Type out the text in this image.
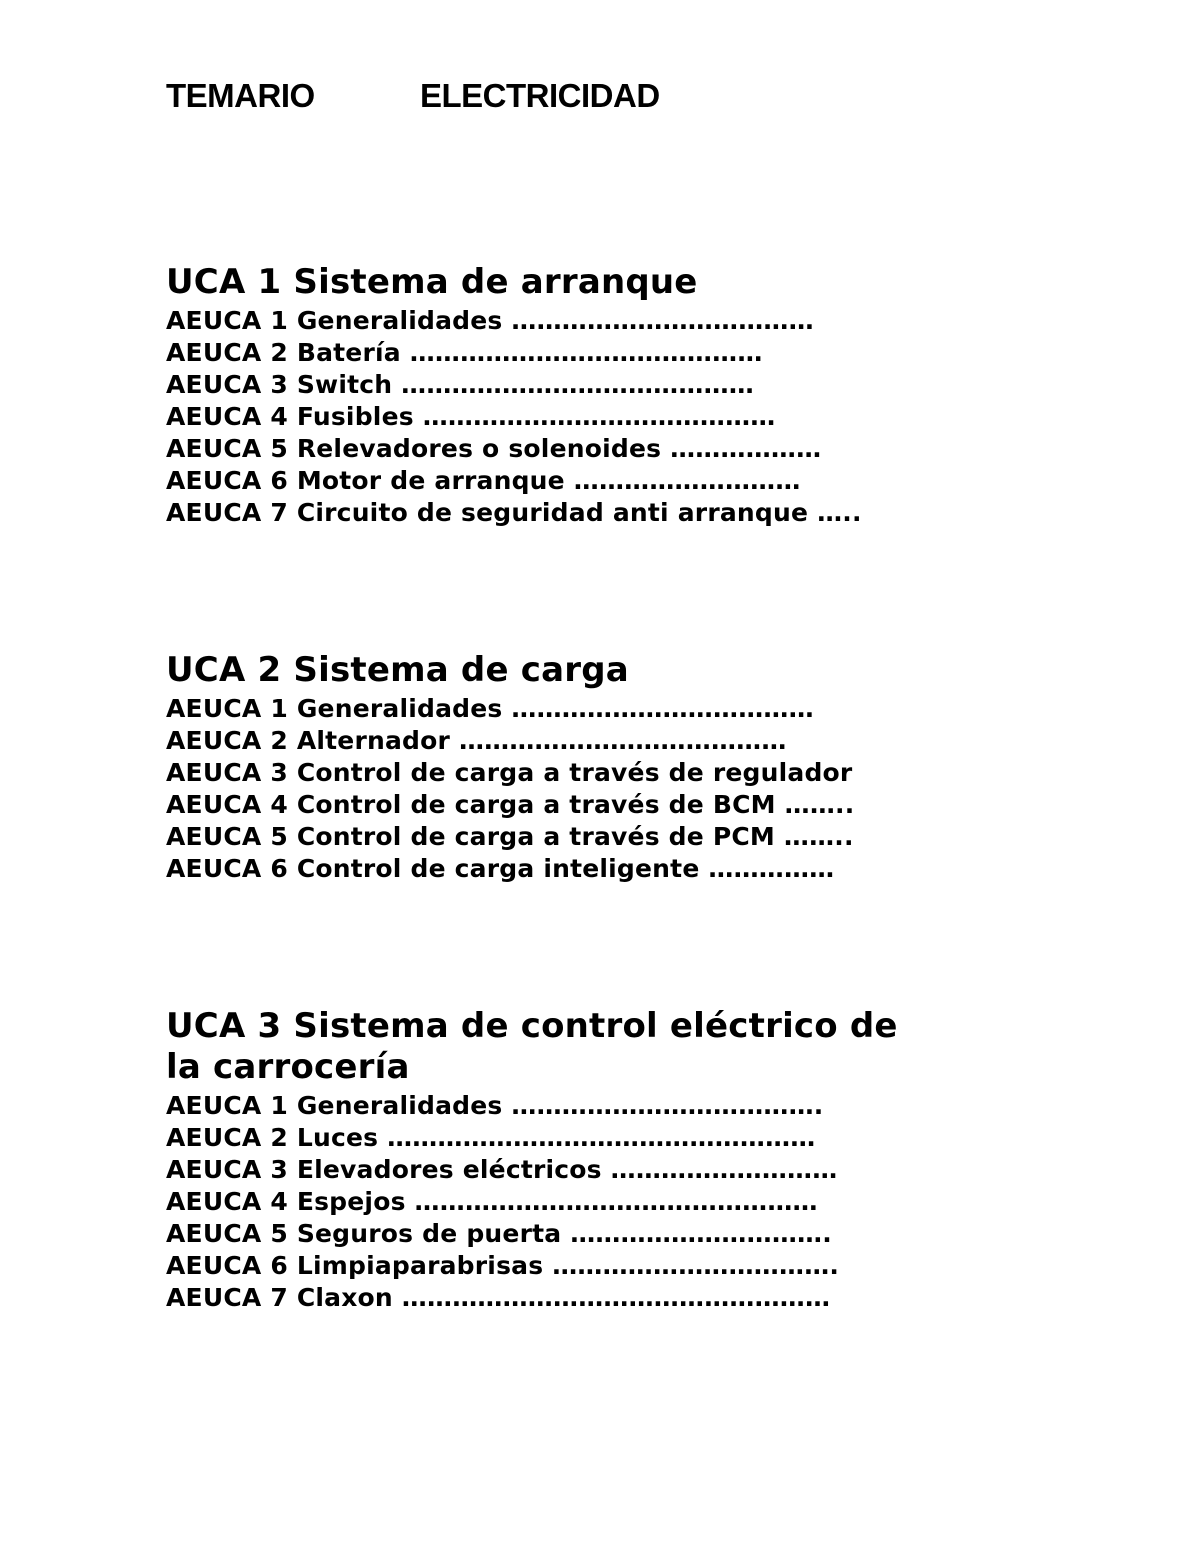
TEMARIO	ELECTRICIDAD
UCA 1 Sistema de arranque
AEUCA 1 Generalidades ………………………………
AEUCA 2 Batería ……………………………………
AEUCA 3 Switch ……………………………………
AEUCA 4 Fusibles ……………………………………
AEUCA 5 Relevadores o solenoides ………………
AEUCA 6 Motor de arranque ………………………
AEUCA 7 Circuito de seguridad anti arranque …..
UCA 2 Sistema de carga
AEUCA 1 Generalidades ………………………………
AEUCA 2 Alternador …………………………………
AEUCA 3 Control de carga a través de regulador
AEUCA 4 Control de carga a través de BCM ……..
AEUCA 5 Control de carga a través de PCM ……..
AEUCA 6 Control de carga inteligente ……………
UCA 3 Sistema de control eléctrico de
la carrocería
AEUCA 1 Generalidades ……………………………….
AEUCA 2 Luces ……………………………………………
AEUCA 3 Elevadores eléctricos ………………………
AEUCA 4 Espejos …………………………………………
AEUCA 5 Seguros de puerta ………………………….
AEUCA 6 Limpiaparabrisas …………………………….
AEUCA 7 Claxon ……………………………………………
